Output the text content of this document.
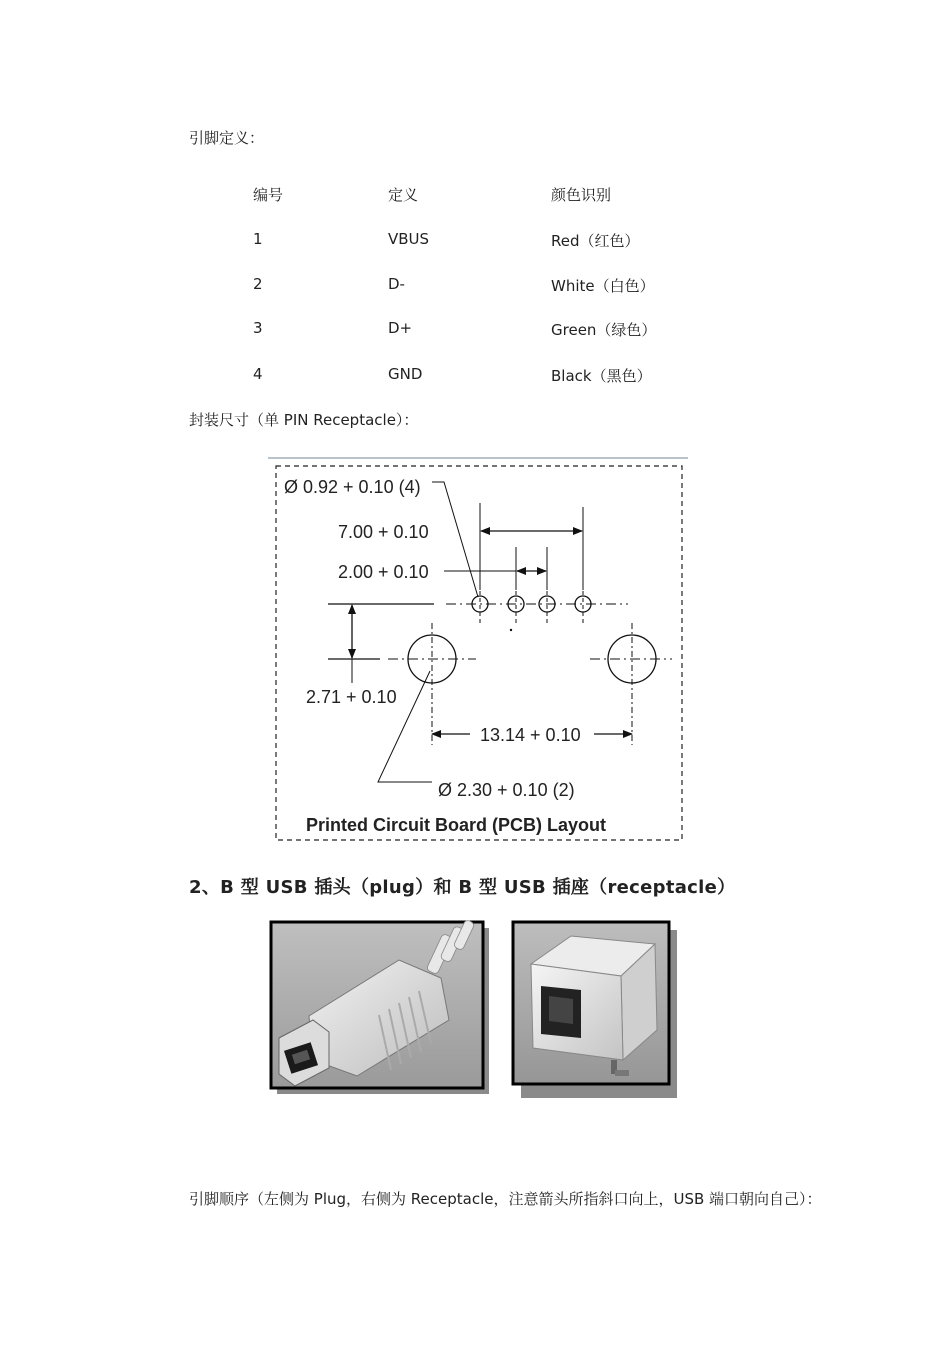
引脚定义：
编号	定义	颜色识别
1	VBUS	Red（红色）
2	D-	White（白色）
3	D+	Green（绿色）
4	GND	Black（黑色）
封装尺寸（单 PIN Receptacle）：
7.00 + 0.10
2.00 + 0.10
Ø 0.92 + 0.10 (4)
2.71 + 0.10
13.14 + 0.10
Ø 2.30 + 0.10 (2)
Printed Circuit Board (PCB) Layout
2、B 型 USB 插头（plug）和 B 型 USB 插座（receptacle）
引脚顺序（左侧为 Plug，右侧为 Receptacle，注意箭头所指斜口向上，USB 端口朝向自己）：
